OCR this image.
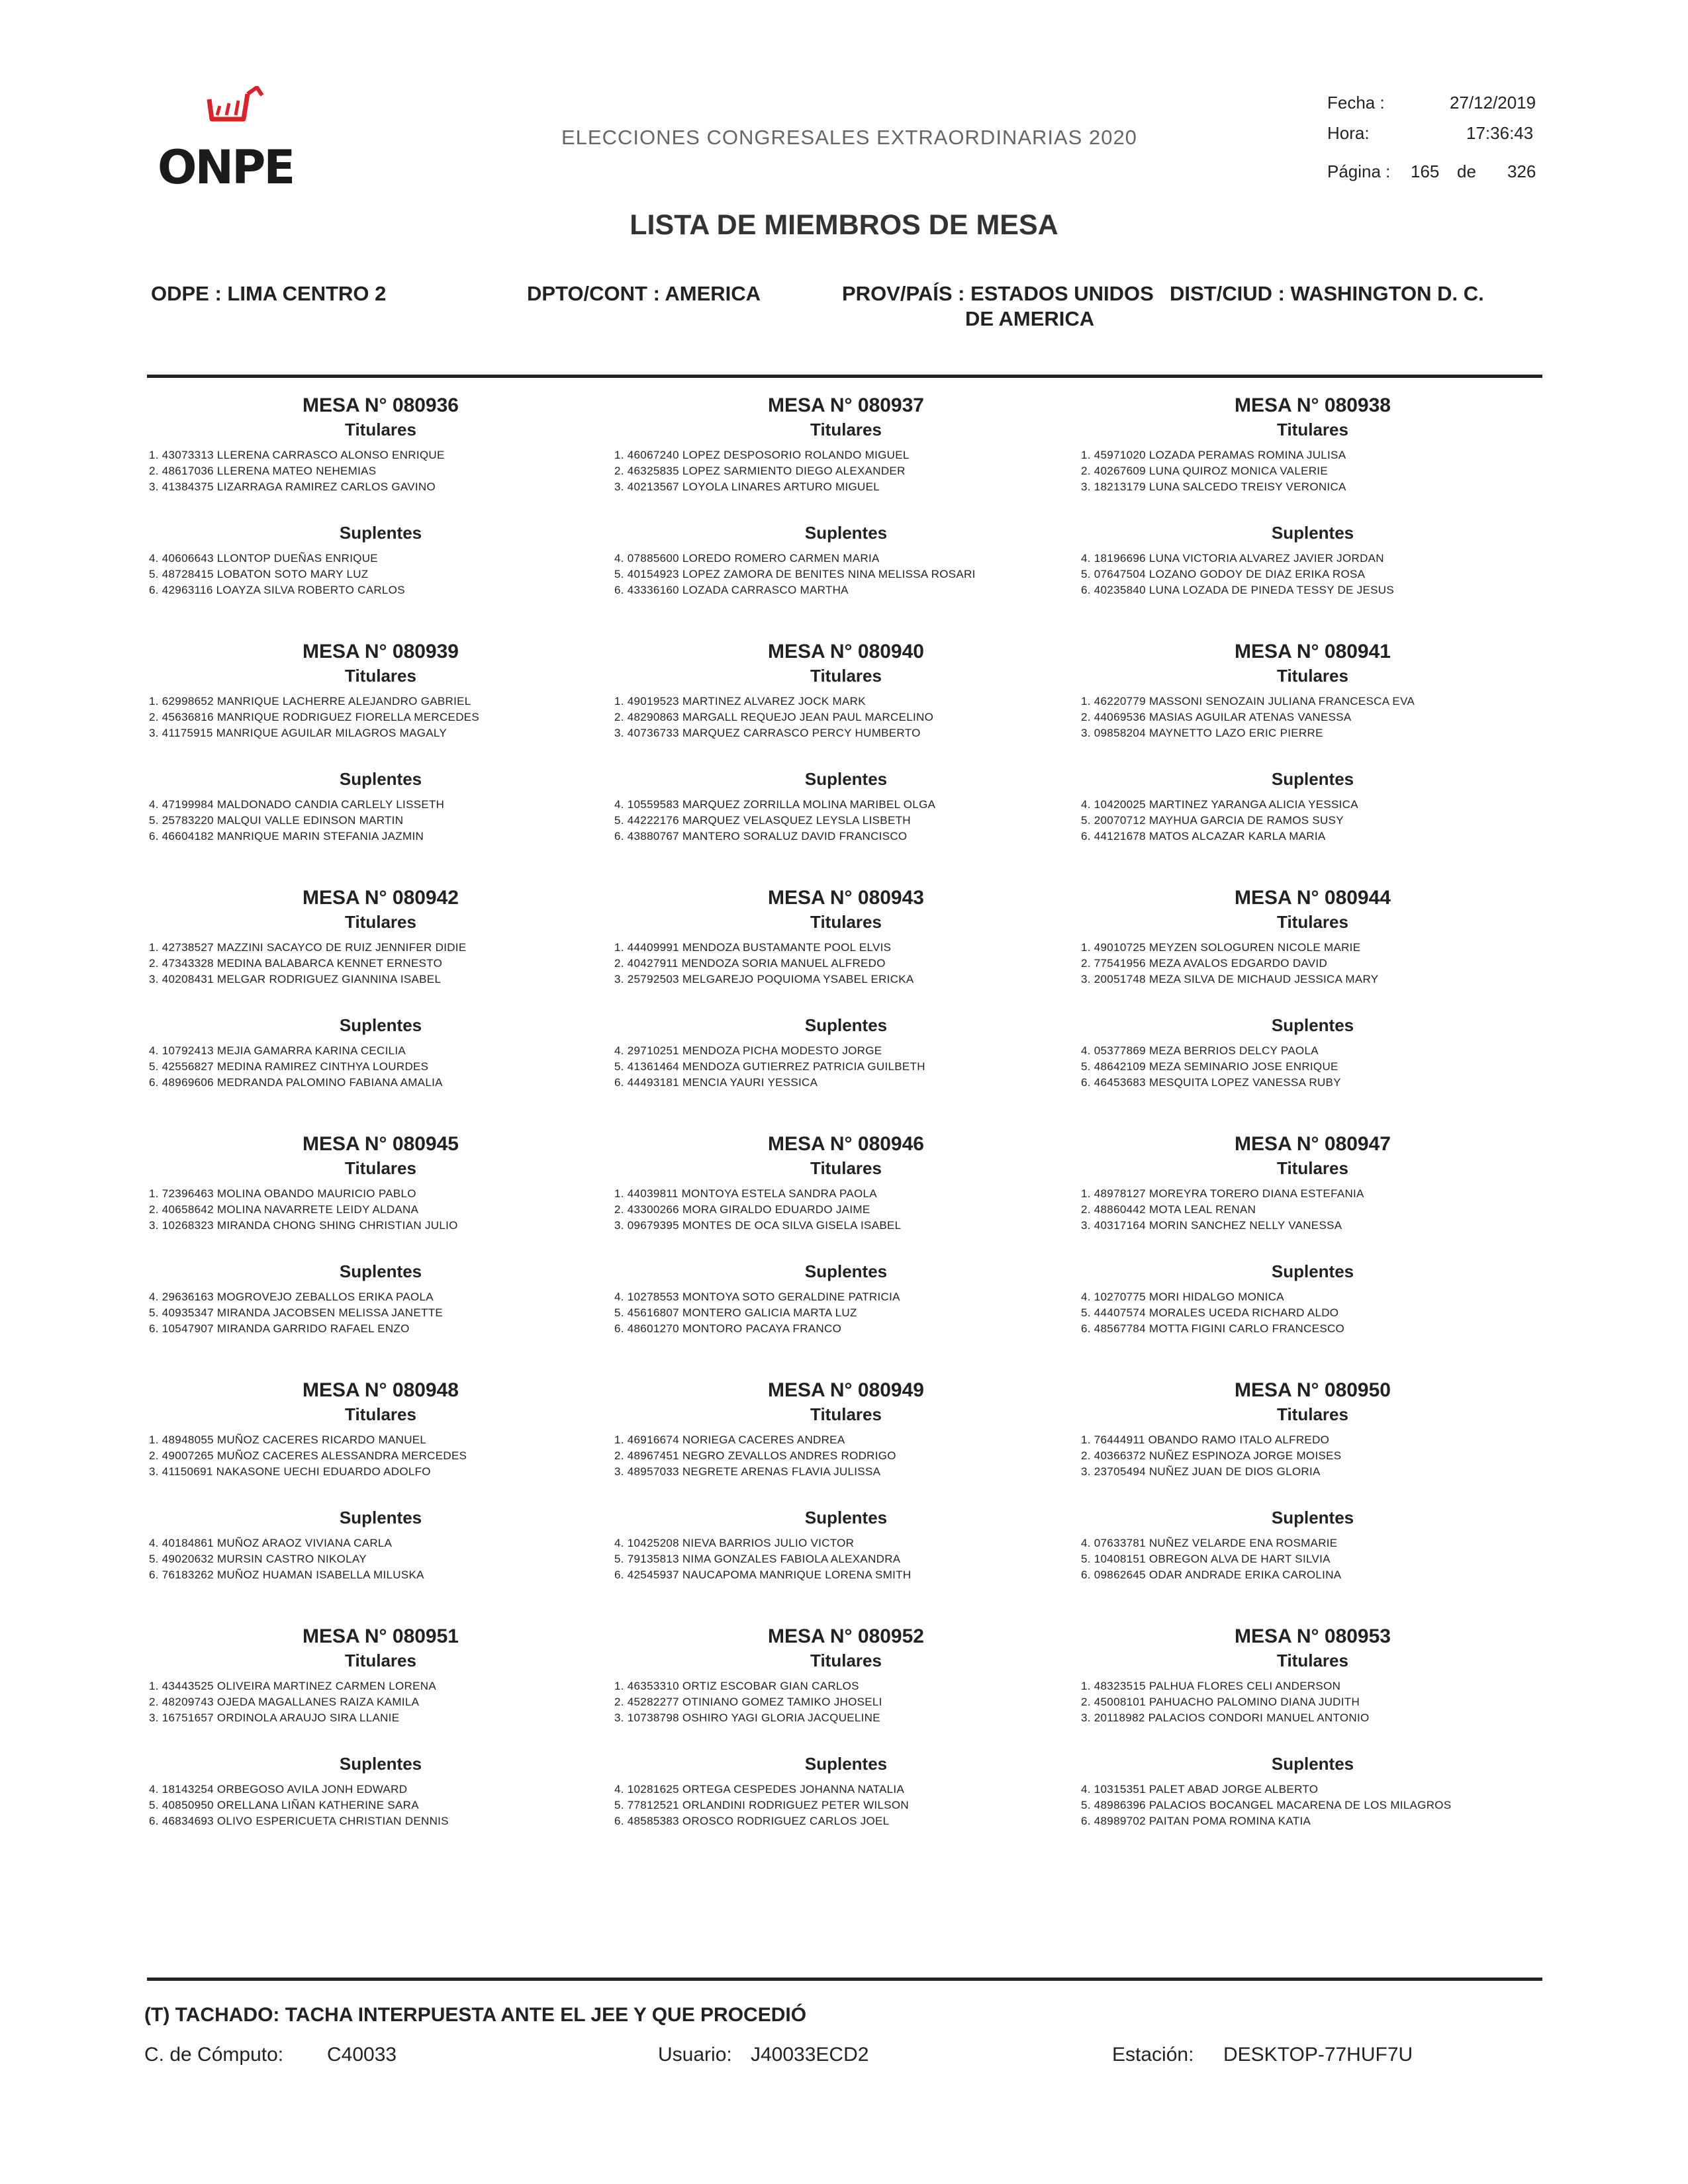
ONPE
ELECCIONES CONGRESALES EXTRAORDINARIAS 2020
Fecha :	27/12/2019
Hora:	17:36:43
Página : 165 de 326
LISTA DE MIEMBROS DE MESA
ODPE : LIMA CENTRO 2	DPTO/CONT : AMERICA	PROV/PAÍS : ESTADOS UNIDOS
DE AMERICA
DIST/CIUD : WASHINGTON D. C.
MESA N° 080936
Titulares
1. 43073313 LLERENA CARRASCO ALONSO ENRIQUE
2. 48617036 LLERENA MATEO NEHEMIAS
3. 41384375 LIZARRAGA RAMIREZ CARLOS GAVINO
Suplentes
4. 40606643 LLONTOP DUEÑAS ENRIQUE
5. 48728415 LOBATON SOTO MARY LUZ
6. 42963116 LOAYZA SILVA ROBERTO CARLOS
MESA N° 080937
Titulares
1. 46067240 LOPEZ DESPOSORIO ROLANDO MIGUEL
2. 46325835 LOPEZ SARMIENTO DIEGO ALEXANDER
3. 40213567 LOYOLA LINARES ARTURO MIGUEL
Suplentes
4. 07885600 LOREDO ROMERO CARMEN MARIA
5. 40154923 LOPEZ ZAMORA DE BENITES NINA MELISSA ROSARI
6. 43336160 LOZADA CARRASCO MARTHA
MESA N° 080938
Titulares
1. 45971020 LOZADA PERAMAS ROMINA JULISA
2. 40267609 LUNA QUIROZ MONICA VALERIE
3. 18213179 LUNA SALCEDO TREISY VERONICA
Suplentes
4. 18196696 LUNA VICTORIA ALVAREZ JAVIER JORDAN
5. 07647504 LOZANO GODOY DE DIAZ ERIKA ROSA
6. 40235840 LUNA LOZADA DE PINEDA TESSY DE JESUS
MESA N° 080939
Titulares
1. 62998652 MANRIQUE LACHERRE ALEJANDRO GABRIEL
2. 45636816 MANRIQUE RODRIGUEZ FIORELLA MERCEDES
3. 41175915 MANRIQUE AGUILAR MILAGROS MAGALY
Suplentes
4. 47199984 MALDONADO CANDIA CARLELY LISSETH
5. 25783220 MALQUI VALLE EDINSON MARTIN
6. 46604182 MANRIQUE MARIN STEFANIA JAZMIN
MESA N° 080940
Titulares
1. 49019523 MARTINEZ ALVAREZ JOCK MARK
2. 48290863 MARGALL REQUEJO JEAN PAUL MARCELINO
3. 40736733 MARQUEZ CARRASCO PERCY HUMBERTO
Suplentes
4. 10559583 MARQUEZ ZORRILLA MOLINA MARIBEL OLGA
5. 44222176 MARQUEZ VELASQUEZ LEYSLA LISBETH
6. 43880767 MANTERO SORALUZ DAVID FRANCISCO
MESA N° 080941
Titulares
1. 46220779 MASSONI SENOZAIN JULIANA FRANCESCA EVA
2. 44069536 MASIAS AGUILAR ATENAS VANESSA
3. 09858204 MAYNETTO LAZO ERIC PIERRE
Suplentes
4. 10420025 MARTINEZ YARANGA ALICIA YESSICA
5. 20070712 MAYHUA GARCIA DE RAMOS SUSY
6. 44121678 MATOS ALCAZAR KARLA MARIA
MESA N° 080942
Titulares
1. 42738527 MAZZINI SACAYCO DE RUIZ JENNIFER DIDIE
2. 47343328 MEDINA BALABARCA KENNET ERNESTO
3. 40208431 MELGAR RODRIGUEZ GIANNINA ISABEL
Suplentes
4. 10792413 MEJIA GAMARRA KARINA CECILIA
5. 42556827 MEDINA RAMIREZ CINTHYA LOURDES
6. 48969606 MEDRANDA PALOMINO FABIANA AMALIA
MESA N° 080943
Titulares
1. 44409991 MENDOZA BUSTAMANTE POOL ELVIS
2. 40427911 MENDOZA SORIA MANUEL ALFREDO
3. 25792503 MELGAREJO POQUIOMA YSABEL ERICKA
Suplentes
4. 29710251 MENDOZA PICHA MODESTO JORGE
5. 41361464 MENDOZA GUTIERREZ PATRICIA GUILBETH
6. 44493181 MENCIA YAURI YESSICA
MESA N° 080944
Titulares
1. 49010725 MEYZEN SOLOGUREN NICOLE MARIE
2. 77541956 MEZA AVALOS EDGARDO DAVID
3. 20051748 MEZA SILVA DE MICHAUD JESSICA MARY
Suplentes
4. 05377869 MEZA BERRIOS DELCY PAOLA
5. 48642109 MEZA SEMINARIO JOSE ENRIQUE
6. 46453683 MESQUITA LOPEZ VANESSA RUBY
MESA N° 080945
Titulares
1. 72396463 MOLINA OBANDO MAURICIO PABLO
2. 40658642 MOLINA NAVARRETE LEIDY ALDANA
3. 10268323 MIRANDA CHONG SHING CHRISTIAN JULIO
Suplentes
4. 29636163 MOGROVEJO ZEBALLOS ERIKA PAOLA
5. 40935347 MIRANDA JACOBSEN MELISSA JANETTE
6. 10547907 MIRANDA GARRIDO RAFAEL ENZO
MESA N° 080946
Titulares
1. 44039811 MONTOYA ESTELA SANDRA PAOLA
2. 43300266 MORA GIRALDO EDUARDO JAIME
3. 09679395 MONTES DE OCA SILVA GISELA ISABEL
Suplentes
4. 10278553 MONTOYA SOTO GERALDINE PATRICIA
5. 45616807 MONTERO GALICIA MARTA LUZ
6. 48601270 MONTORO PACAYA FRANCO
MESA N° 080947
Titulares
1. 48978127 MOREYRA TORERO DIANA ESTEFANIA
2. 48860442 MOTA LEAL RENAN
3. 40317164 MORIN SANCHEZ NELLY VANESSA
Suplentes
4. 10270775 MORI HIDALGO MONICA
5. 44407574 MORALES UCEDA RICHARD ALDO
6. 48567784 MOTTA FIGINI CARLO FRANCESCO
MESA N° 080948
Titulares
1. 48948055 MUÑOZ CACERES RICARDO MANUEL
2. 49007265 MUÑOZ CACERES ALESSANDRA MERCEDES
3. 41150691 NAKASONE UECHI EDUARDO ADOLFO
Suplentes
4. 40184861 MUÑOZ ARAOZ VIVIANA CARLA
5. 49020632 MURSIN CASTRO NIKOLAY
6. 76183262 MUÑOZ HUAMAN ISABELLA MILUSKA
MESA N° 080949
Titulares
1. 46916674 NORIEGA CACERES ANDREA
2. 48967451 NEGRO ZEVALLOS ANDRES RODRIGO
3. 48957033 NEGRETE ARENAS FLAVIA JULISSA
Suplentes
4. 10425208 NIEVA BARRIOS JULIO VICTOR
5. 79135813 NIMA GONZALES FABIOLA ALEXANDRA
6. 42545937 NAUCAPOMA MANRIQUE LORENA SMITH
MESA N° 080950
Titulares
1. 76444911 OBANDO RAMO ITALO ALFREDO
2. 40366372 NUÑEZ ESPINOZA JORGE MOISES
3. 23705494 NUÑEZ JUAN DE DIOS GLORIA
Suplentes
4. 07633781 NUÑEZ VELARDE ENA ROSMARIE
5. 10408151 OBREGON ALVA DE HART SILVIA
6. 09862645 ODAR ANDRADE ERIKA CAROLINA
MESA N° 080951
Titulares
1. 43443525 OLIVEIRA MARTINEZ CARMEN LORENA
2. 48209743 OJEDA MAGALLANES RAIZA KAMILA
3. 16751657 ORDINOLA ARAUJO SIRA LLANIE
Suplentes
4. 18143254 ORBEGOSO AVILA JONH EDWARD
5. 40850950 ORELLANA LIÑAN KATHERINE SARA
6. 46834693 OLIVO ESPERICUETA CHRISTIAN DENNIS
MESA N° 080952
Titulares
1. 46353310 ORTIZ ESCOBAR GIAN CARLOS
2. 45282277 OTINIANO GOMEZ TAMIKO JHOSELI
3. 10738798 OSHIRO YAGI GLORIA JACQUELINE
Suplentes
4. 10281625 ORTEGA CESPEDES JOHANNA NATALIA
5. 77812521 ORLANDINI RODRIGUEZ PETER WILSON
6. 48585383 OROSCO RODRIGUEZ CARLOS JOEL
MESA N° 080953
Titulares
1. 48323515 PALHUA FLORES CELI ANDERSON
2. 45008101 PAHUACHO PALOMINO DIANA JUDITH
3. 20118982 PALACIOS CONDORI MANUEL ANTONIO
Suplentes
4. 10315351 PALET ABAD JORGE ALBERTO
5. 48986396 PALACIOS BOCANGEL MACARENA DE LOS MILAGROS
6. 48989702 PAITAN POMA ROMINA KATIA
(T) TACHADO: TACHA INTERPUESTA ANTE EL JEE Y QUE PROCEDIÓ
C. de Cómputo: C40033	Usuario: J40033ECD2	Estación: DESKTOP-77HUF7U
